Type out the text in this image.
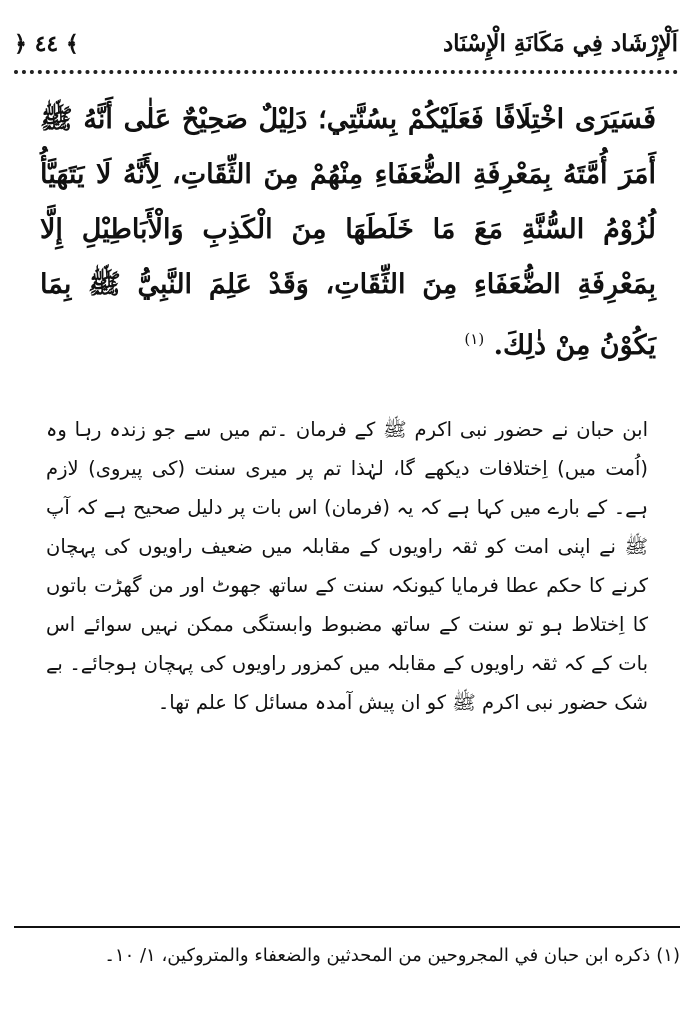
اَلْإِرْشَاد فِي مَكَانَةِ الْإِسْنَاد
﴿ ٤٤ ﴾
فَسَيَرَى اخْتِلَافًا فَعَلَيْكُمْ بِسُنَّتِي؛ دَلِيْلٌ صَحِيْحٌ عَلٰى أَنَّهُ ﷺ أَمَرَ أُمَّتَهُ بِمَعْرِفَةِ الضُّعَفَاءِ مِنْهُمْ مِنَ الثِّقَاتِ، لِأَنَّهُ لَا يَتَهَيَّأُ لُزُوْمُ السُّنَّةِ مَعَ مَا خَلَطَهَا مِنَ الْكَذِبِ وَالْأَبَاطِيْلِ إِلَّا بِمَعْرِفَةِ الضُّعَفَاءِ مِنَ الثِّقَاتِ، وَقَدْ عَلِمَ النَّبِيُّ ﷺ بِمَا يَكُوْنُ مِنْ ذٰلِكَ. $^{(١)}$
ابن حبان نے حضور نبی اکرم ﷺ کے فرمان ۔تم میں سے جو زندہ رہا وہ (اُمت میں) اِختلافات دیکھے گا، لہٰذا تم پر میری سنت (کی پیروی) لازم ہے۔ کے بارے میں کہا ہے کہ یہ (فرمان) اس بات پر دلیل صحیح ہے کہ آپ ﷺ نے اپنی امت کو ثقہ راویوں کے مقابلہ میں ضعیف راویوں کی پہچان کرنے کا حکم عطا فرمایا کیونکہ سنت کے ساتھ جھوٹ اور من گھڑت باتوں کا اِختلاط ہو تو سنت کے ساتھ مضبوط وابستگی ممکن نہیں سوائے اس بات کے کہ ثقہ راویوں کے مقابلہ میں کمزور راویوں کی پہچان ہوجائے۔ بے شک حضور نبی اکرم ﷺ کو ان پیش آمدہ مسائل کا علم تھا۔
(١)ذكره ابن حبان في المجروحين من المحدثين والضعفاء والمتروكين، ١/ ١٠۔
